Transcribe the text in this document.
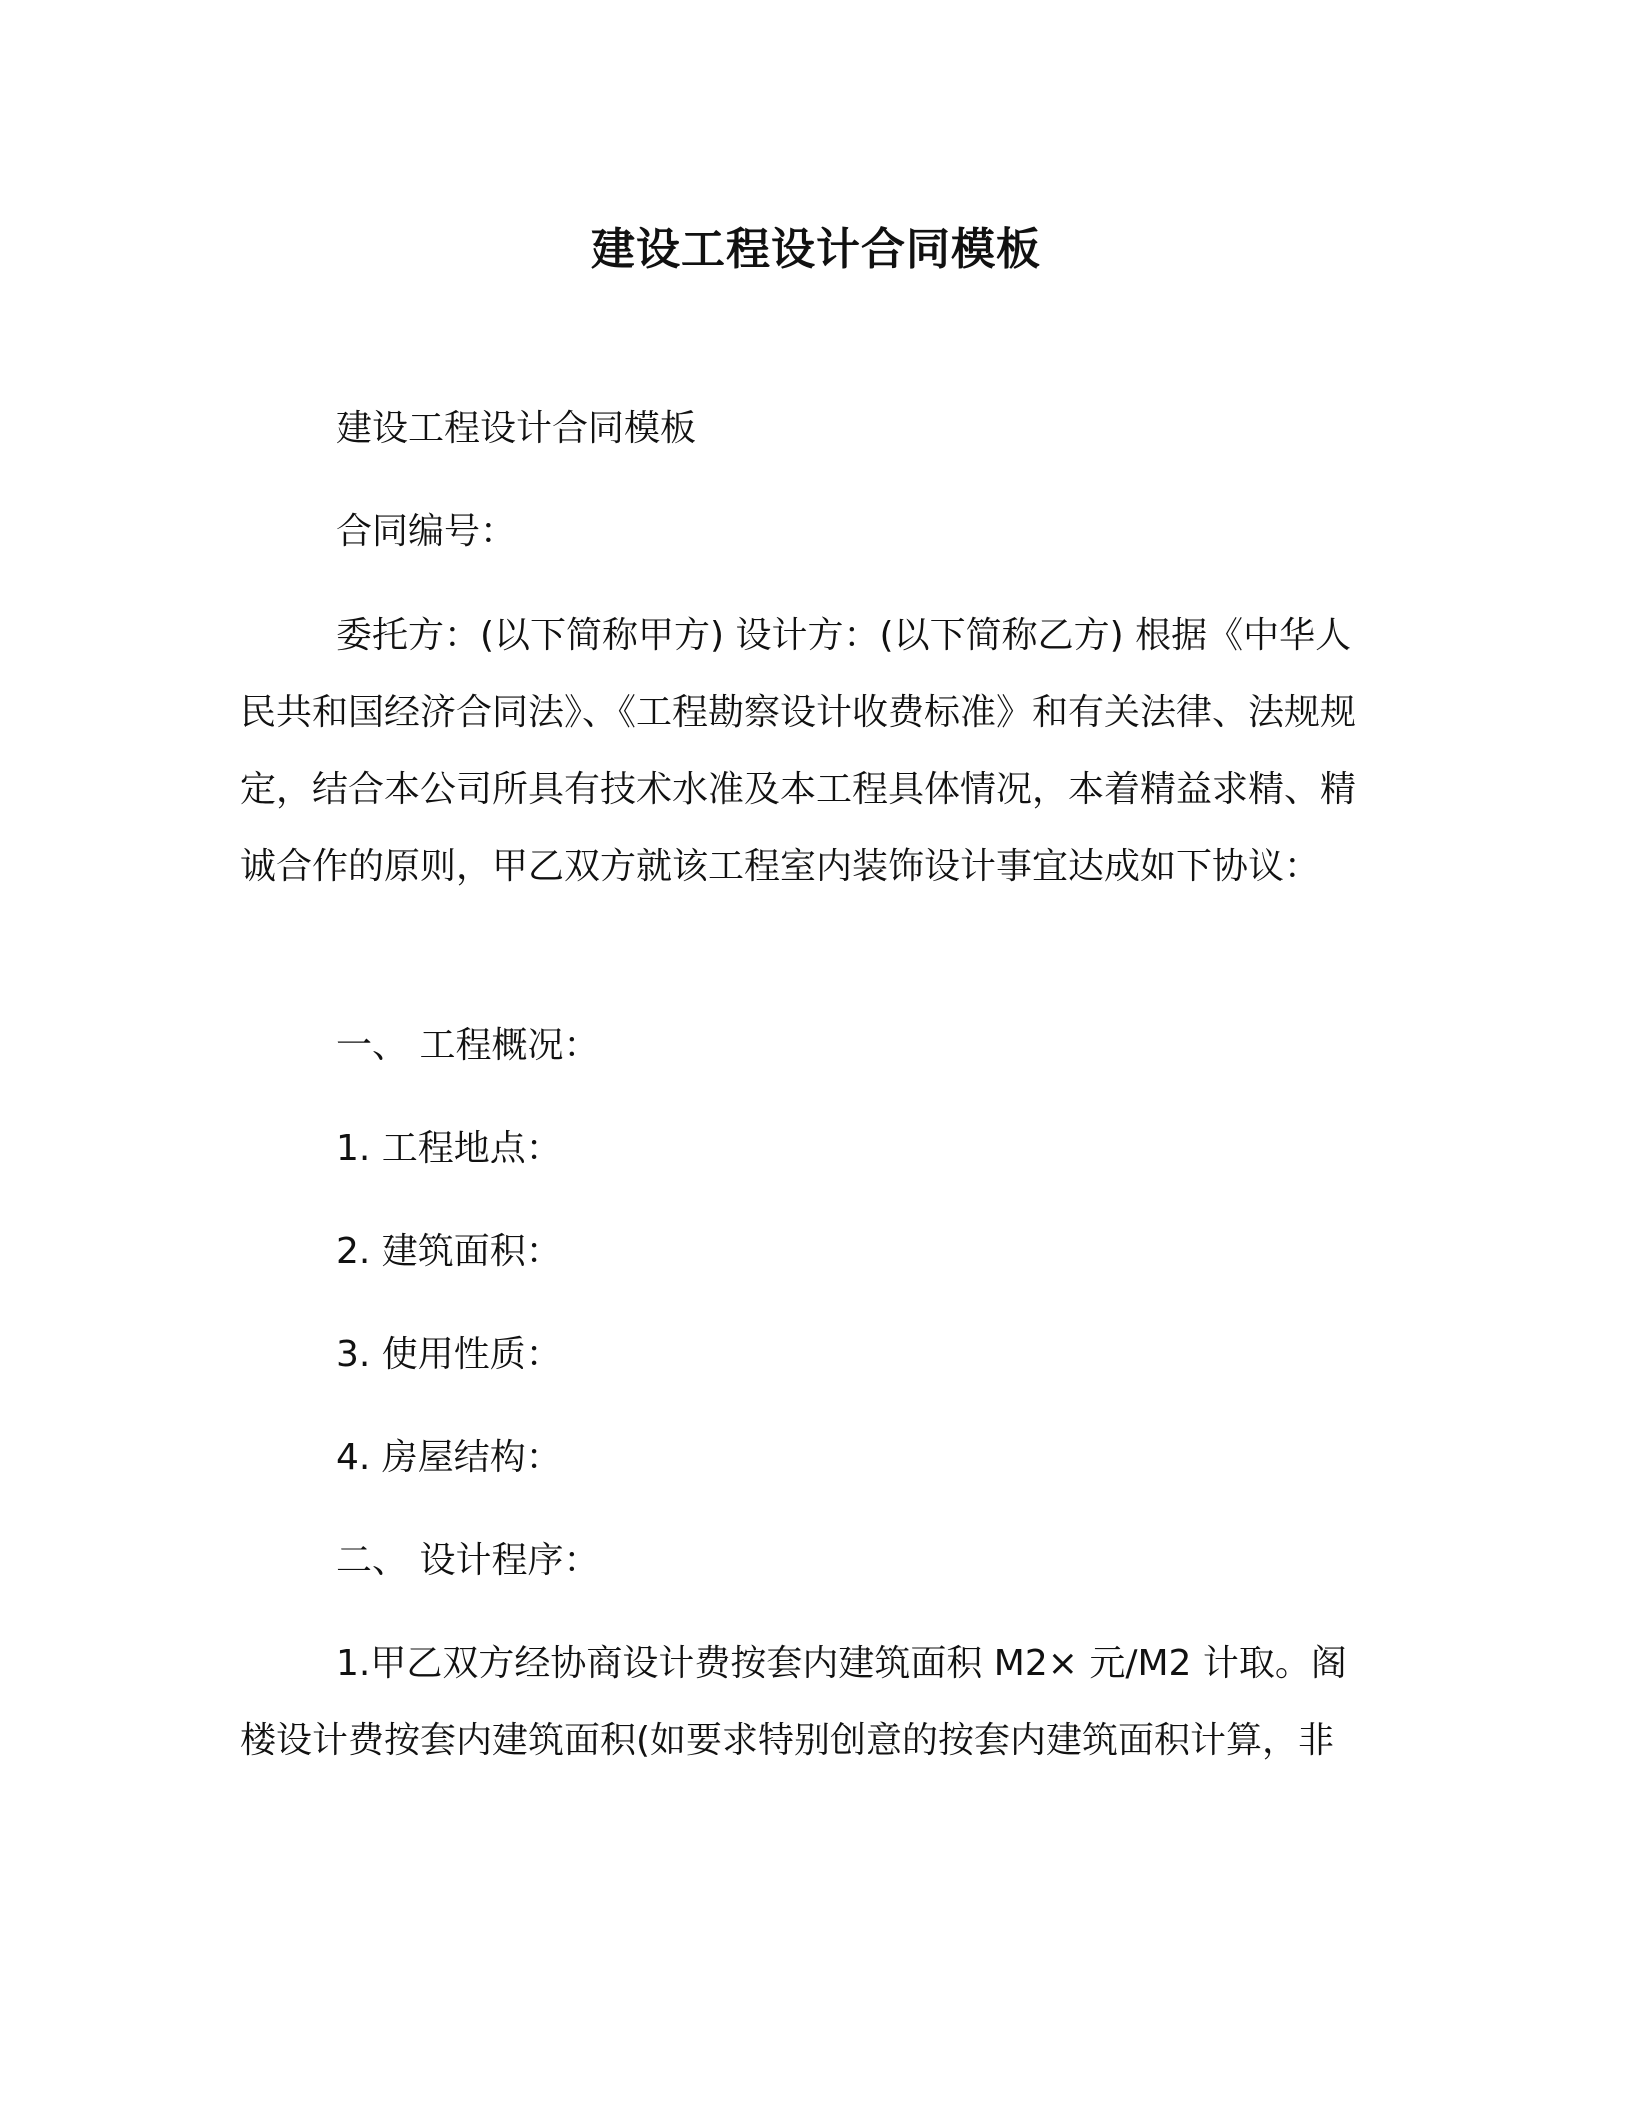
建设工程设计合同模板

建设工程设计合同模板

合同编号：

委托方：(以下简称甲方) 设计方：(以下简称乙方) 根据《中华人民共和国经济合同法》、《工程勘察设计收费标准》和有关法律、法规规定，结合本公司所具有技术水准及本工程具体情况，本着精益求精、精诚合作的原则，甲乙双方就该工程室内装饰设计事宜达成如下协议：

一、 工程概况：

1. 工程地点：

2. 建筑面积：

3. 使用性质：

4. 房屋结构：

二、 设计程序：

1.甲乙双方经协商设计费按套内建筑面积 M2× 元/M2 计取。阁楼设计费按套内建筑面积(如要求特别创意的按套内建筑面积计算，非
